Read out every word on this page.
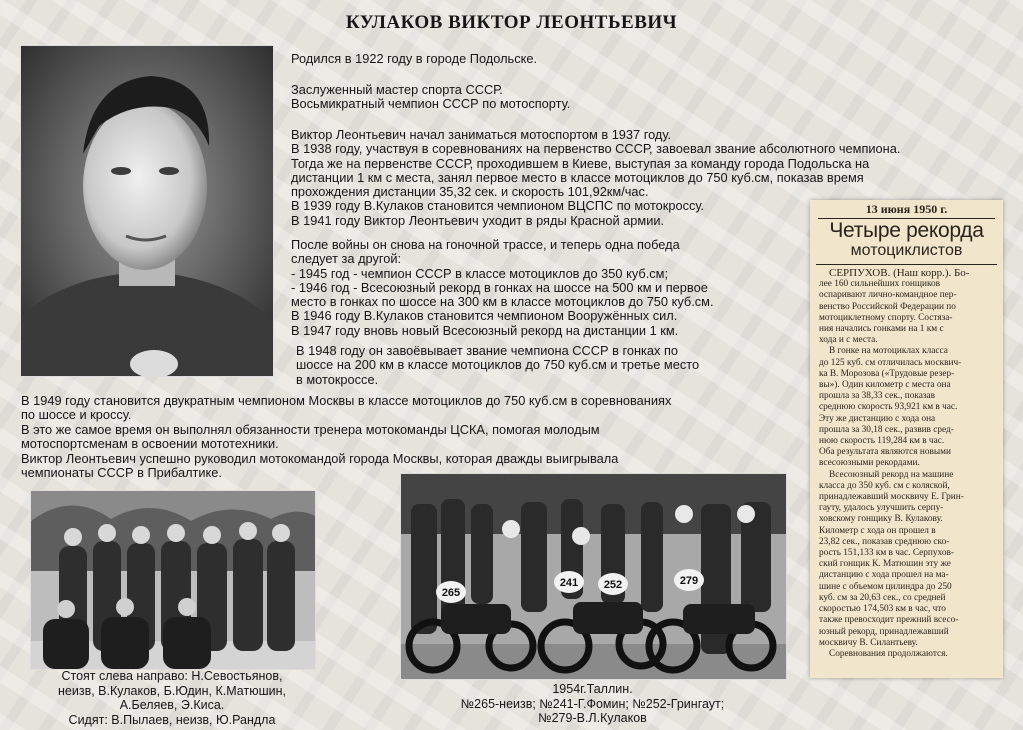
КУЛАКОВ ВИКТОР ЛЕОНТЬЕВИЧ
Родился в 1922 году в городе Подольске.
Заслуженный мастер спорта СССР.
Восьмикратный чемпион СССР по мотоспорту.
Виктор Леонтьевич начал заниматься мотоспортом в 1937 году.
В 1938 году, участвуя в соревнованиях на первенство СССР, завоевал звание абсолютного чемпиона.
Тогда же на первенстве СССР, проходившем в Киеве, выступая за команду города Подольска на
дистанции 1 км с места, занял первое место в классе мотоциклов до 750 куб.см, показав время
прохождения дистанции 35,32 сек. и скорость 101,92км/час.
В 1939 году В.Кулаков становится чемпионом ВЦСПС по мотокроссу.
В 1941 году Виктор Леонтьевич уходит в ряды Красной армии.
После войны он снова на гоночной трассе, и теперь одна победа
следует за другой:
- 1945 год - чемпион СССР в классе мотоциклов до 350 куб.см;
- 1946 год - Всесоюзный рекорд в гонках на шоссе на 500 км и первое
место в гонках по шоссе на 300 км в классе мотоциклов до 750 куб.см.
В 1946 году В.Кулаков становится чемпионом Вооружённых сил.
В 1947 году вновь новый Всесоюзный рекорд на дистанции 1 км.
В 1948 году он завоёвывает звание чемпиона СССР в гонках по
шоссе на 200 км в классе мотоциклов до 750 куб.см и третье место
в мотокроссе.
В 1949 году становится двукратным чемпионом Москвы в классе мотоциклов до 750 куб.см в соревнованиях
по шоссе и кроссу.
В это же самое время он выполнял обязанности тренера мотокоманды ЦСКА, помогая молодым
мотоспортсменам в освоении мототехники.
Виктор Леонтьевич успешно руководил мотокомандой города Москвы, которая дважды выигрывала
чемпионаты СССР в Прибалтике.
Стоят слева направо: Н.Севостьянов,
неизв, В.Кулаков, Б.Юдин, К.Матюшин,
А.Беляев, Э.Киса.
Сидят: В.Пылаев, неизв, Ю.Рандла
265
241 252	279
1954г.Таллин.
№265-неизв; №241-Г.Фомин; №252-Грингаут;
№279-В.Л.Кулаков
13 июня 1950 г.
Четыре рекорда
мотоциклистов
СЕРПУХОВ. (Наш корр.). Бо-
лее 160 сильнейших гонщиков
оспаривают лично-командное пер-
венство Российской Федерации по
мотоциклетному спорту. Состяза-
ния начались гонками на 1 км с
хода и с места.
В гонке на мотоциклах класса
до 125 куб. см отличилась москвич-
ка В. Морозова («Трудовые резер-
вы»). Один километр с места она
прошла за 38,33 сек., показав
среднюю скорость 93,921 км в час.
Эту же дистанцию с хода она
прошла за 30,18 сек., развив сред-
нюю скорость 119,284 км в час.
Оба результата являются новыми
всесоюзными рекордами.
Всесоюзный рекорд на машине
класса до 350 куб. см с коляской,
принадлежавший москвичу Е. Грин-
гауту, удалось улучшить серпу-
ховскому гонщику В. Кулакову.
Километр с хода он прошел в
23,82 сек., показав среднюю ско-
рость 151,133 км в час. Серпухов-
ский гонщик К. Матюшин эту же
дистанцию с хода прошел на ма-
шине с объемом цилиндра до 250
куб. см за 20,63 сек., со средней
скоростью 174,503 км в час, что
также превосходит прежний всесо-
юзный рекорд, принадлежавший
москвичу В. Силантьеву.
Соревнования продолжаются.
